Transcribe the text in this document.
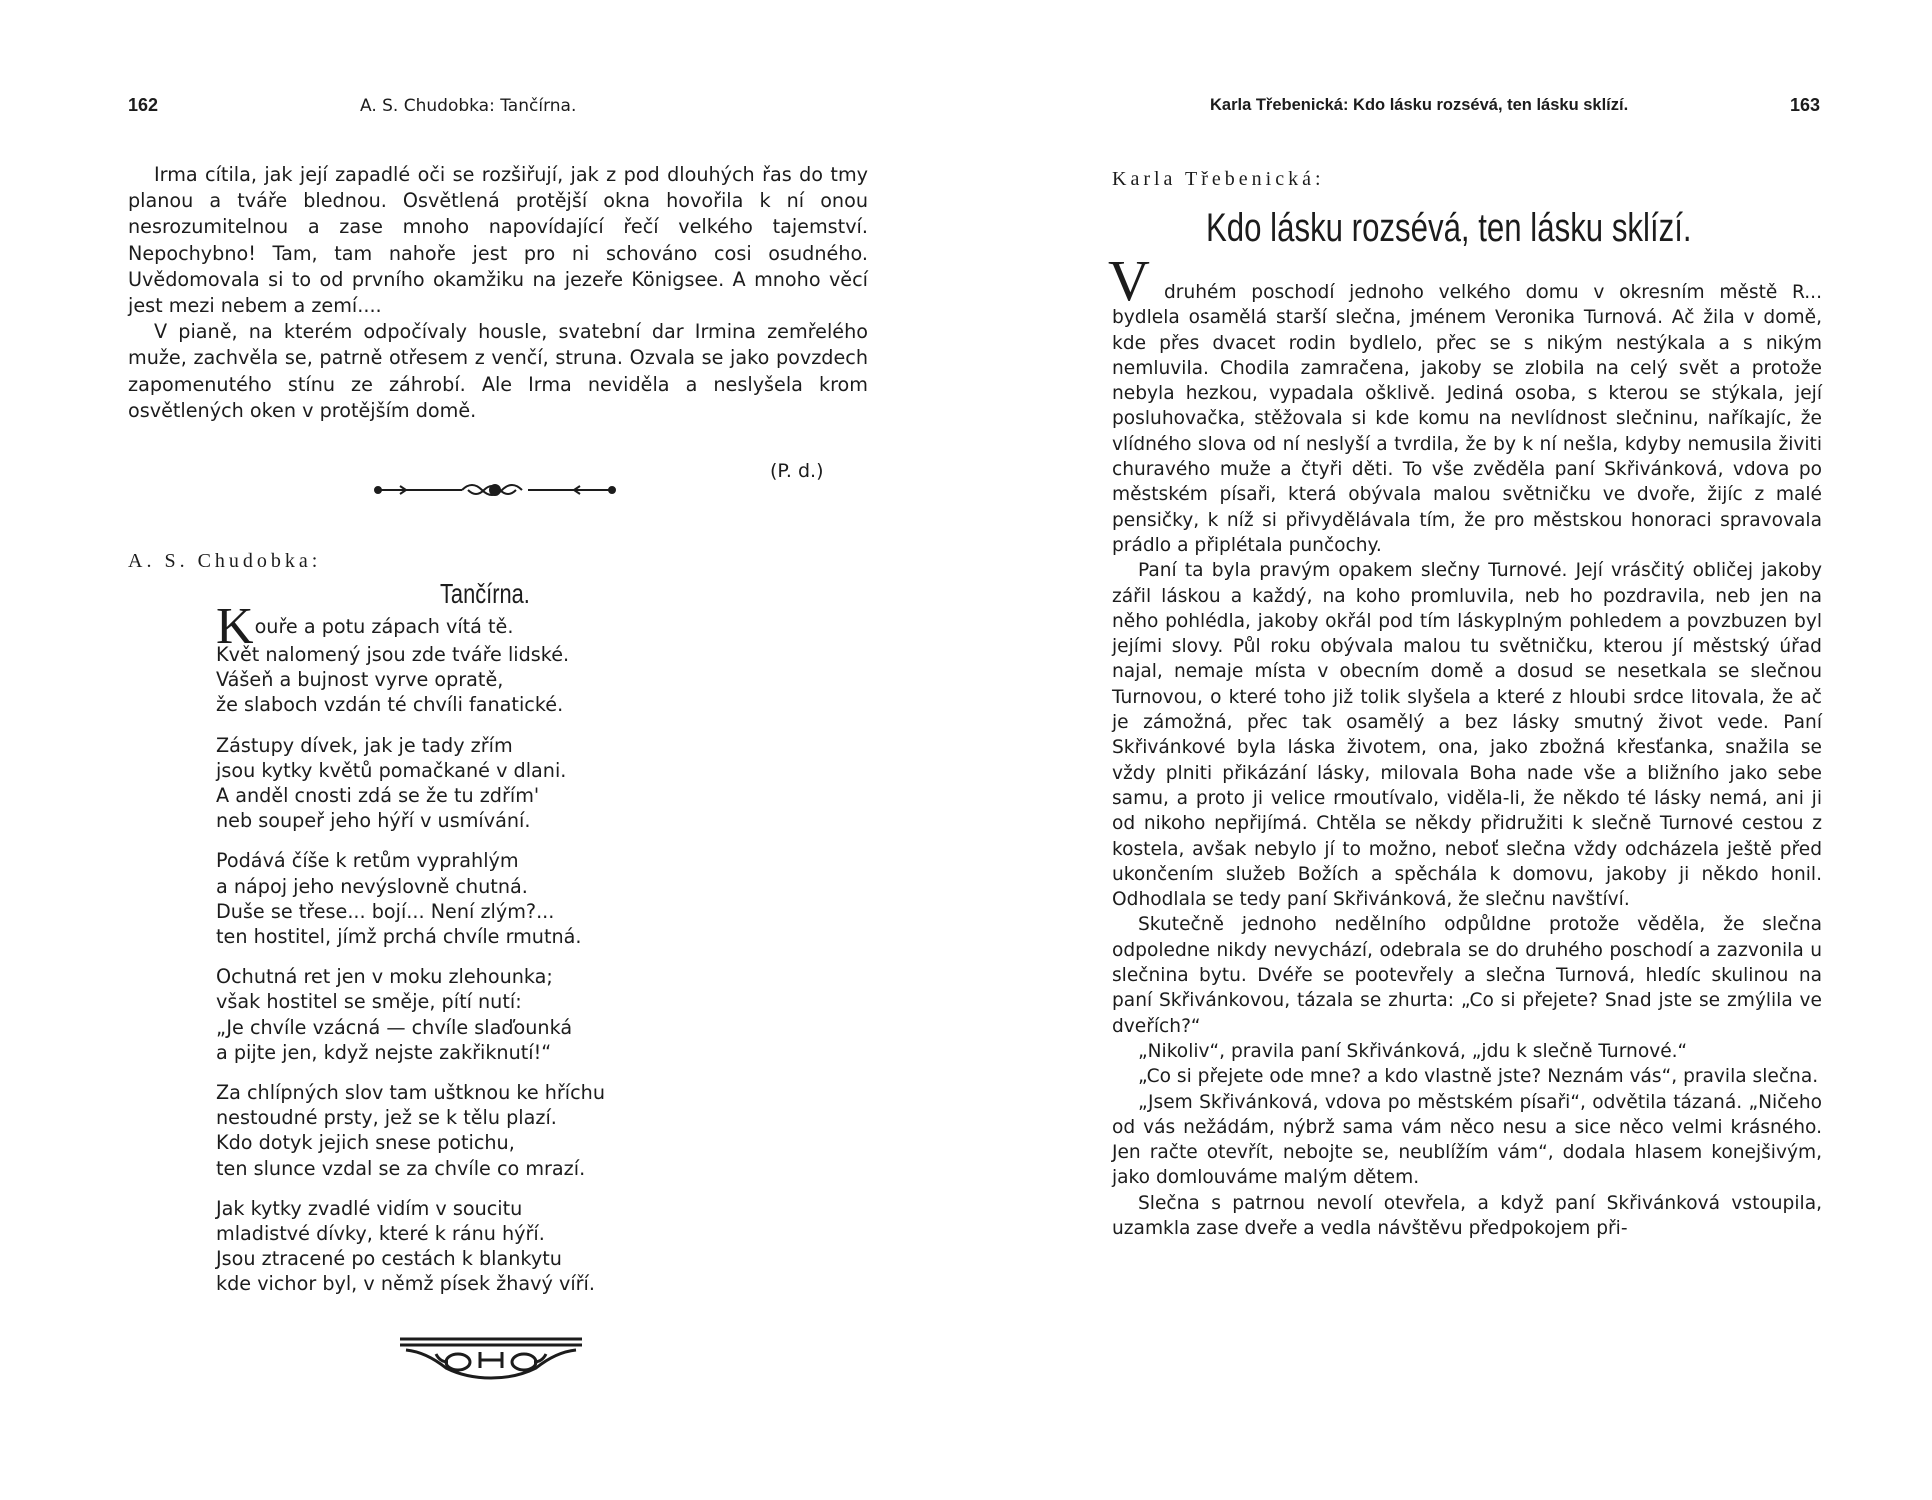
162	A. S. Chudobka: Tančírna.

Irma cítila, jak její zapadlé oči se rozšiřují, jak z pod dlouhých řas do tmy planou a tváře blednou. Osvětlená protější okna hovořila k ní onou nesrozumitelnou a zase mnoho napovídající řečí velkého tajemství. Nepochybno! Tam, tam nahoře jest pro ni schováno cosi osudného. Uvědomovala si to od prvního okamžiku na jezeře Königsee. A mnoho věcí jest mezi nebem a zemí....

V pianě, na kterém odpočívaly housle, svatební dar Irmina zemřelého muže, zachvěla se, patrně otřesem z venčí, struna. Ozvala se jako povzdech zapomenutého stínu ze záhrobí. Ale Irma neviděla a neslyšela krom osvětlených oken v protějším domě.

(P. d.)
A. S. Chudobka:
Tančírna.
Kouře a potu zápach vítá tě.
Květ nalomený jsou zde tváře lidské.
Vášeň a bujnost vyrve opratě,
že slaboch vzdán té chvíli fanatické.
Zástupy dívek, jak je tady zřím
jsou kytky květů pomačkané v dlani.
A anděl cnosti zdá se že tu zdřím'
neb soupeř jeho hýří v usmívání.
Podává číše k retům vyprahlým
a nápoj jeho nevýslovně chutná.
Duše se třese... bojí... Není zlým?...
ten hostitel, jímž prchá chvíle rmutná.
Ochutná ret jen v moku zlehounka;
však hostitel se směje, pítí nutí:
„Je chvíle vzácná — chvíle slaďounká
a pijte jen, když nejste zakřiknutí!“
Za chlípných slov tam uštknou ke hříchu
nestoudné prsty, jež se k tělu plazí.
Kdo dotyk jejich snese potichu,
ten slunce vzdal se za chvíle co mrazí.
Jak kytky zvadlé vidím v soucitu
mladistvé dívky, které k ránu hýří.
Jsou ztracené po cestách k blankytu
kde vichor byl, v němž písek žhavý víří.
Karla Třebenická: Kdo lásku rozsévá, ten lásku sklízí.	163
Karla Třebenická:
Kdo lásku rozsévá, ten lásku sklízí.
V druhém poschodí jednoho velkého domu v okresním městě R... bydlela osamělá starší slečna, jménem Veronika Turnová. Ač žila v domě, kde přes dvacet rodin bydlelo, přec se s nikým nestýkala a s nikým nemluvila. Chodila zamračena, jakoby se zlobila na celý svět a protože nebyla hezkou, vypadala ošklivě. Jediná osoba, s kterou se stýkala, její posluhovačka, stěžovala si kde komu na nevlídnost slečninu, naříkajíc, že vlídného slova od ní neslyší a tvrdila, že by k ní nešla, kdyby nemusila živiti churavého muže a čtyři děti. To vše zvěděla paní Skřivánková, vdova po městském písaři, která obývala malou světničku ve dvoře, žijíc z malé pensičky, k níž si přivydělávala tím, že pro městskou honoraci spravovala prádlo a připlétala punčochy.

Paní ta byla pravým opakem slečny Turnové. Její vrásčitý obličej jakoby zářil láskou a každý, na koho promluvila, neb ho pozdravila, neb jen na něho pohlédla, jakoby okřál pod tím láskyplným pohledem a povzbuzen byl jejími slovy. Půl roku obývala malou tu světničku, kterou jí městský úřad najal, nemaje místa v obecním domě a dosud se nesetkala se slečnou Turnovou, o které toho již tolik slyšela a které z hloubi srdce litovala, že ač je zámožná, přec tak osamělý a bez lásky smutný život vede. Paní Skřivánkové byla láska životem, ona, jako zbožná křesťanka, snažila se vždy plniti přikázání lásky, milovala Boha nade vše a bližního jako sebe samu, a proto ji velice rmoutívalo, viděla-li, že někdo té lásky nemá, ani ji od nikoho nepřijímá. Chtěla se někdy přidružiti k slečně Turnové cestou z kostela, avšak nebylo jí to možno, neboť slečna vždy odcházela ještě před ukončením služeb Božích a spěchála k domovu, jakoby ji někdo honil. Odhodlala se tedy paní Skřivánková, že slečnu navštíví.

Skutečně jednoho nedělního odpůldne protože věděla, že slečna odpoledne nikdy nevychází, odebrala se do druhého poschodí a zazvonila u slečnina bytu. Dvéře se pootevřely a slečna Turnová, hledíc skulinou na paní Skřivánkovou, tázala se zhurta: „Co si přejete? Snad jste se zmýlila ve dveřích?“

„Nikoliv“, pravila paní Skřivánková, „jdu k slečně Turnové.“

„Co si přejete ode mne? a kdo vlastně jste? Neznám vás“, pravila slečna.

„Jsem Skřivánková, vdova po městském písaři“, odvětila tázaná. „Ničeho od vás nežádám, nýbrž sama vám něco nesu a sice něco velmi krásného. Jen račte otevřít, nebojte se, neublížím vám“, dodala hlasem konejšivým, jako domlouváme malým dětem.

Slečna s patrnou nevolí otevřela, a když paní Skřivánková vstoupila, uzamkla zase dveře a vedla návštěvu předpokojem při-
